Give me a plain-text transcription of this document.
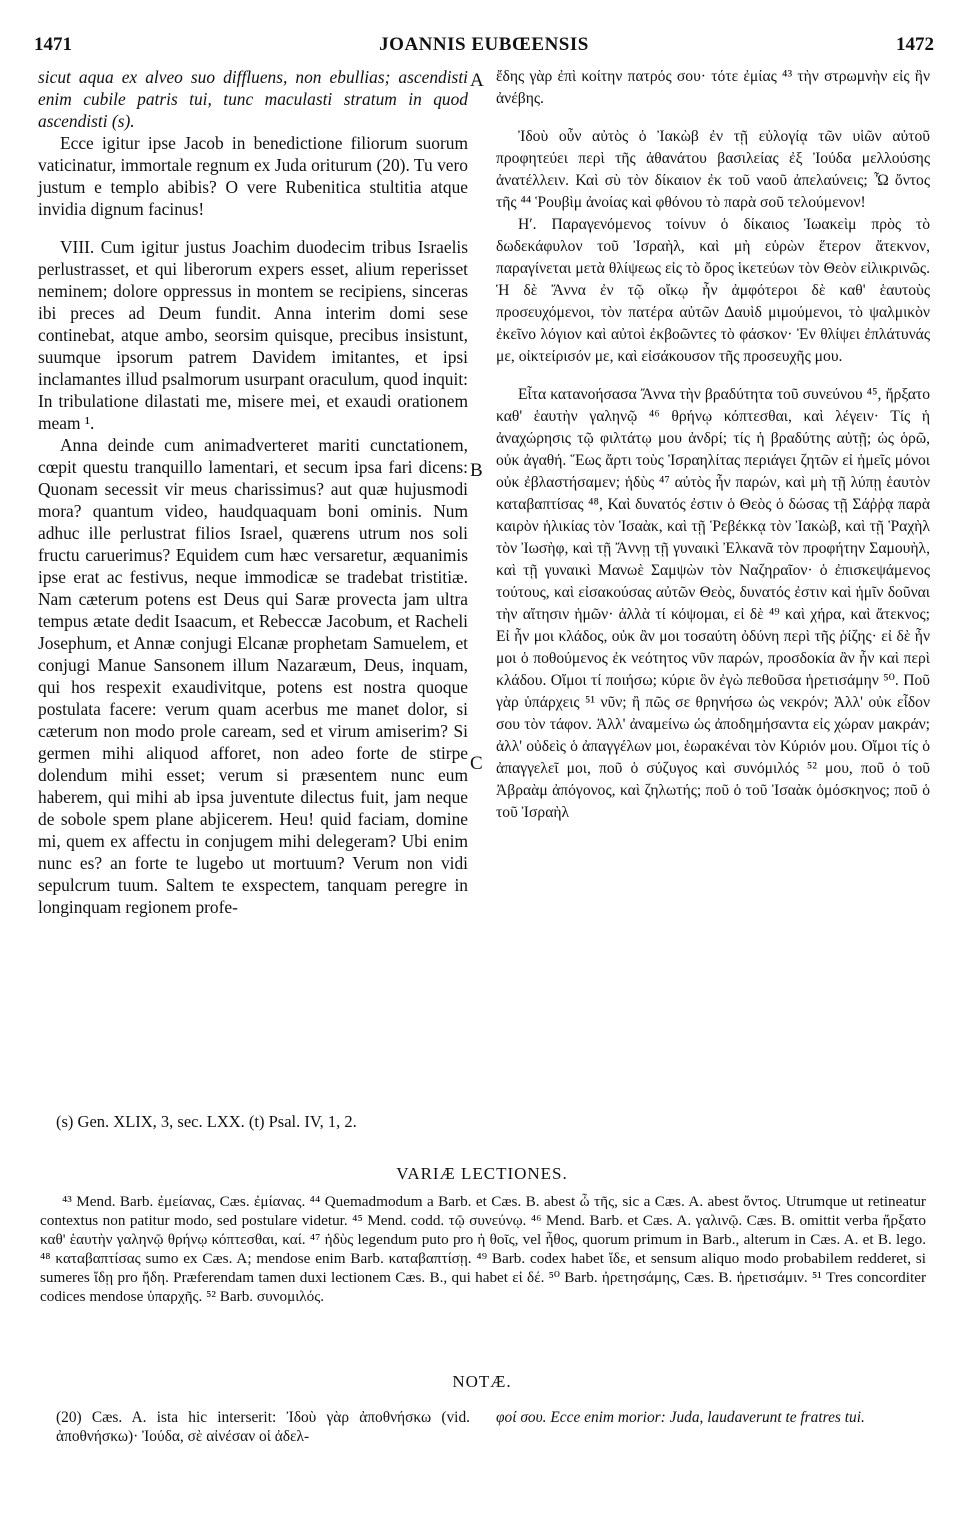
1471	JOANNIS EUBŒENSIS	1472

sicut aqua ex alveo suo diffluens, non ebullias; ascendisti enim cubile patris tui, tunc maculasti stratum in quod ascendisti (s).

Ecce igitur ipse Jacob in benedictione filiorum suorum vaticinatur, immortale regnum ex Juda oriturum (20). Tu vero justum e templo abibis? O vere Rubenitica stultitia atque invidia dignum facinus!

VIII. Cum igitur justus Joachim duodecim tribus Israelis perlustrasset, et qui liberorum expers esset, alium reperisset neminem; dolore oppressus in montem se recipiens, sinceras ibi preces ad Deum fundit. Anna interim domi sese continebat, atque ambo, seorsim quisque, precibus insistunt, suumque ipsorum patrem Davidem imitantes, et ipsi inclamantes illud psalmorum usurpant oraculum, quod inquit: In tribulatione dilastati me, misere mei, et exaudi orationem meam ¹.

Anna deinde cum animadverteret mariti cunctationem, cœpit questu tranquillo lamentari, et secum ipsa fari dicens: Quonam secessit vir meus charissimus? aut quæ hujusmodi mora? quantum video, haudquaquam boni ominis. Num adhuc ille perlustrat filios Israel, quærens utrum nos soli fructu caruerimus? Equidem cum hæc versaretur, æquanimis ipse erat ac festivus, neque immodicæ se tradebat tristitiæ. Nam cæterum potens est Deus qui Saræ provecta jam ultra tempus ætate dedit Isaacum, et Rebeccæ Jacobum, et Racheli Josephum, et Annæ conjugi Elcanæ prophetam Samuelem, et conjugi Manue Sansonem illum Nazaræum, Deus, inquam, qui hos respexit exaudivitque, potens est nostra quoque postulata facere: verum quam acerbus me manet dolor, si cæterum non modo prole caream, sed et virum amiserim? Si germen mihi aliquod afforet, non adeo forte de stirpe dolendum mihi esset; verum si præsentem nunc eum haberem, qui mihi ab ipsa juventute dilectus fuit, jam neque de sobole spem plane abjicerem. Heu! quid faciam, domine mi, quem ex affectu in conjugem mihi delegeram? Ubi enim nunc es? an forte te lugebo ut mortuum? Verum non vidi sepulcrum tuum. Saltem te exspectem, tanquam peregre in longinquam regionem profe-

A
B
C

ἔδης γὰρ ἐπὶ κοίτην πατρός σου· τότε ἐμίας ⁴³ τὴν στρωμνὴν εἰς ἣν ἀνέβης.

Ἰδοὺ οὖν αὐτὸς ὁ Ἰακὼβ ἐν τῇ εὐλογίᾳ τῶν υἱῶν αὐτοῦ προφητεύει περὶ τῆς ἀθανάτου βασιλείας ἐξ Ἰούδα μελλούσης ἀνατέλλειν. Καὶ σὺ τὸν δίκαιον ἐκ τοῦ ναοῦ ἀπελαύνεις; Ὦ ὄντος τῆς ⁴⁴ Ῥουβὶμ ἀνοίας καὶ φθόνου τὸ παρὰ σοῦ τελούμενον!

Η′. Παραγενόμενος τοίνυν ὁ δίκαιος Ἰωακεὶμ πρὸς τὸ δωδεκάφυλον τοῦ Ἰσραὴλ, καὶ μὴ εὑρὼν ἕτερον ἄτεκνον, παραγίνεται μετὰ θλίψεως εἰς τὸ ὄρος ἱκετεύων τὸν Θεὸν εἰλικρινῶς. Ἡ δὲ Ἄννα ἐν τῷ οἴκῳ ἦν ἀμφότεροι δὲ καθ' ἑαυτοὺς προσευχόμενοι, τὸν πατέρα αὐτῶν Δαυὶδ μιμούμενοι, τὸ ψαλμικὸν ἐκεῖνο λόγιον καὶ αὐτοὶ ἐκβοῶντες τὸ φάσκον· Ἐν θλίψει ἐπλάτυνάς με, οἰκτείρισόν με, καὶ εἰσάκουσον τῆς προσευχῆς μου.

Εἶτα κατανοήσασα Ἄννα τὴν βραδύτητα τοῦ συνεύνου ⁴⁵, ἤρξατο καθ' ἑαυτὴν γαληνῷ ⁴⁶ θρήνῳ κόπτεσθαι, καὶ λέγειν· Τίς ἡ ἀναχώρησις τῷ φιλτάτῳ μου ἀνδρί; τίς ἡ βραδύτης αὐτῇ; ὡς ὁρῶ, οὐκ ἀγαθή. Ἕως ἄρτι τοὺς Ἰσραηλίτας περιάγει ζητῶν εἰ ἡμεῖς μόνοι οὐκ ἐβλαστήσαμεν; ἡδὺς ⁴⁷ αὐτὸς ἦν παρών, καὶ μὴ τῇ λύπῃ ἑαυτὸν καταβαπτίσας ⁴⁸, Καὶ δυνατός ἐστιν ὁ Θεὸς ὁ δώσας τῇ Σάῤῥᾳ παρὰ καιρὸν ἡλικίας τὸν Ἰσαὰκ, καὶ τῇ Ῥεβέκκᾳ τὸν Ἰακὼβ, καὶ τῇ Ῥαχὴλ τὸν Ἰωσὴφ, καὶ τῇ Ἄννῃ τῇ γυναικὶ Ἐλκανᾶ τὸν προφήτην Σαμουὴλ, καὶ τῇ γυναικὶ Μανωὲ Σαμψὼν τὸν Ναζηραῖον· ὁ ἐπισκεψάμενος τούτους, καὶ εἰσακούσας αὐτῶν Θεὸς, δυνατός ἐστιν καὶ ἡμῖν δοῦναι τὴν αἴτησιν ἡμῶν· ἀλλὰ τί κόψομαι, εἰ δὲ ⁴⁹ καὶ χήρα, καὶ ἄτεκνος; Εἰ ἦν μοι κλάδος, οὐκ ἂν μοι τοσαύτη ὀδύνη περὶ τῆς ῥίζης· εἰ δὲ ἦν μοι ὁ ποθούμενος ἐκ νεότητος νῦν παρών, προσδοκία ἂν ἦν καὶ περὶ κλάδου. Οἴμοι τί ποιήσω; κύριε ὃν ἐγὼ πεθοῦσα ἡρετισάμην ⁵⁰. Ποῦ γὰρ ὑπάρχεις ⁵¹ νῦν; ἢ πῶς σε θρηνήσω ὡς νεκρόν; Ἀλλ' οὐκ εἶδον σου τὸν τάφον. Ἀλλ' ἀναμείνω ὡς ἀποδημήσαντα εἰς χώραν μακράν; ἀλλ' οὐδεὶς ὁ ἀπαγγέλων μοι, ἑωρακέναι τὸν Κύριόν μου. Οἴμοι τίς ὁ ἀπαγγελεῖ μοι, ποῦ ὁ σύζυγος καὶ συνόμιλός ⁵² μου, ποῦ ὁ τοῦ Ἀβραὰμ ἀπόγονος, καὶ ζηλωτής; ποῦ ὁ τοῦ Ἰσαὰκ ὁμόσκηνος; ποῦ ὁ τοῦ Ἰσραὴλ

(s) Gen. XLIX, 3, sec. LXX. (t) Psal. IV, 1, 2.
VARIÆ LECTIONES.
⁴³ Mend. Barb. ἐμείανας, Cæs. ἐμίανας. ⁴⁴ Quemadmodum a Barb. et Cæs. B. abest ὦ τῆς, sic a Cæs. A. abest ὄντος. Utrumque ut retineatur contextus non patitur modo, sed postulare videtur. ⁴⁵ Mend. codd. τῷ συνεύνῳ. ⁴⁶ Mend. Barb. et Cæs. A. γαλινῷ. Cæs. B. omittit verba ἤρξατο καθ' ἑαυτὴν γαληνῷ θρήνῳ κόπτεσθαι, καί. ⁴⁷ ἡδὺς legendum puto pro ἡ θοῖς, vel ἦθος, quorum primum in Barb., alterum in Cæs. A. et B. lego. ⁴⁸ καταβαπτίσας sumo ex Cæs. A; mendose enim Barb. καταβαπτίσῃ. ⁴⁹ Barb. codex habet ἴδε, et sensum aliquo modo probabilem redderet, si sumeres ἴδῃ pro ἤδη. Præferendam tamen duxi lectionem Cæs. B., qui habet εἰ δέ. ⁵⁰ Barb. ἠρετησάμης, Cæs. B. ἠρετισάμιν. ⁵¹ Tres concorditer codices mendose ὑπαρχῆς. ⁵² Barb. συνομιλός.
NOTÆ.
(20) Cæs. A. ista hic interserit: Ἰδοὺ γὰρ ἀποθνήσκω (vid. ἀποθνήσκω)· Ἰούδα, σὲ αἰνέσαν οἱ ἀδελ-
φοί σου. Ecce enim morior: Juda, laudaverunt te fratres tui.
